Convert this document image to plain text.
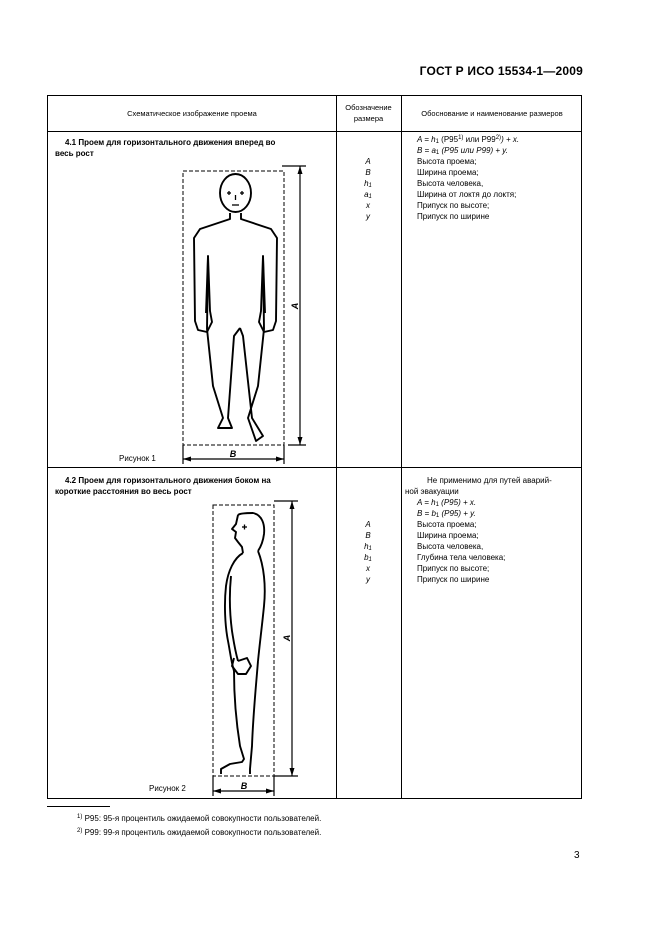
ГОСТ Р ИСО 15534-1—2009
Схематическое изображение проема
Обозначение
размера
Обоснование и наименование размеров
4.1 Проем для горизонтального движения вперед во
весь рост
A
B
Рисунок 1
$A = h_1$ (P95$^{1)}$ или $P99^{2)}) + x$.
$B = a_1$ (P95 или P99) + y.
A
B
$h_1$
$a_1$
x
y
Высота проема;
Ширина проема;
Высота человека,
Ширина от локтя до локтя;
Припуск по высоте;
Припуск по ширине
4.2 Проем для горизонтального движения боком на
короткие расстояния во весь рост
A
B
Рисунок 2
Не применимо для путей аварий-
ной эвакуации
$A = h_1$ (P95) + x.
$B = b_1$ (P95) + y.
A
B
$h_1$
$b_1$
x
y
Высота проема;
Ширина проема;
Высота человека,
Глубина тела человека;
Припуск по высоте;
Припуск по ширине
$^{1)}$ P95: 95-я процентиль ожидаемой совокупности пользователей.
$^{2)}$ P99: 99-я процентиль ожидаемой совокупности пользователей.
3
